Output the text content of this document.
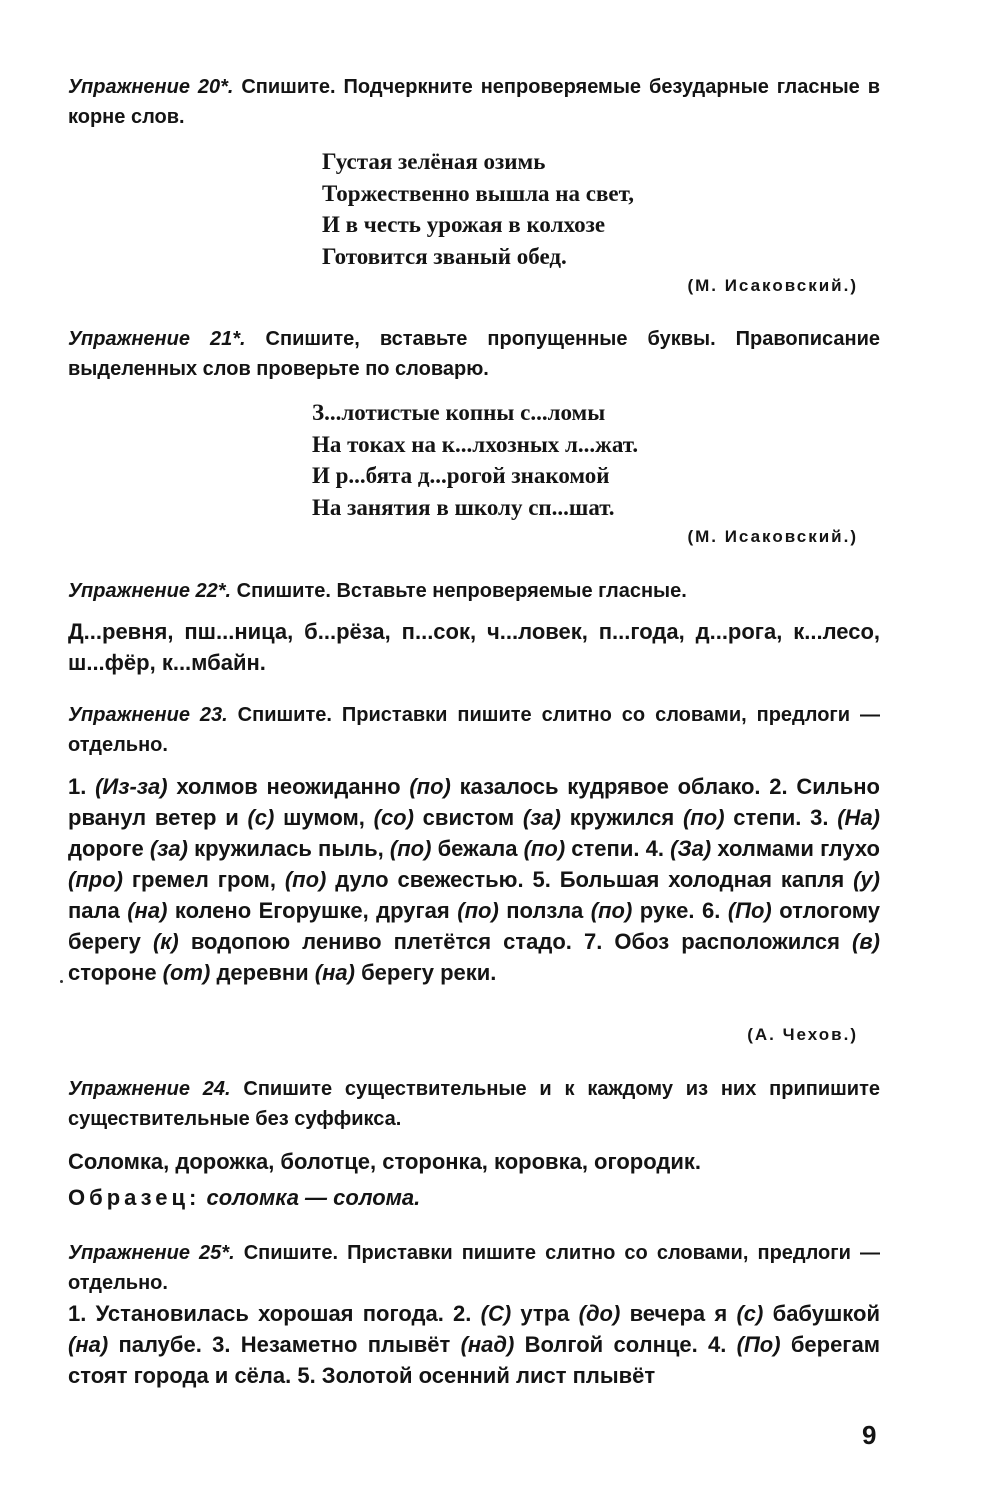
Упражнение 20*. Спишите. Подчеркните непроверяемые безударные гласные в корне слов.

Густая зелёная озимь
Торжественно вышла на свет,
И в честь урожая в колхозе
Готовится званый обед.
(М. Исаковский.)

Упражнение 21*. Спишите, вставьте пропущенные буквы. Правописание выделенных слов проверьте по словарю.

З...лотистые копны с...ломы
На токах на к...лхозных л...жат.
И р...бята д...рогой знакомой
На занятия в школу сп...шат.
(М. Исаковский.)

Упражнение 22*. Спишите. Вставьте непроверяемые гласные.

Д...ревня, пш...ница, б...рёза, п...сок, ч...ловек, п...года, д...рога, к...лесо, ш...фёр, к...мбайн.

Упражнение 23. Спишите. Приставки пишите слитно со словами, предлоги — отдельно.

1. (Из-за) холмов неожиданно (по) казалось кудрявое облако. 2. Сильно рванул ветер и (с) шумом, (со) свистом (за) кружился (по) степи. 3. (На) дороге (за) кружилась пыль, (по) бежала (по) степи. 4. (За) холмами глухо (про) гремел гром, (по) дуло свежестью. 5. Большая холодная капля (у) пала (на) колено Егорушке, другая (по) ползла (по) руке. 6. (По) отлогому берегу (к) водопою лениво плетётся стадо. 7. Обоз расположился (в) стороне (от) деревни (на) берегу реки.

(А. Чехов.)

Упражнение 24. Спишите существительные и к каждому из них припишите существительные без суффикса.

Соломка, дорожка, болотце, сторонка, коровка, огородик.

Образец: соломка — солома.

Упражнение 25*. Спишите. Приставки пишите слитно со словами, предлоги — отдельно.

1. Установилась хорошая погода. 2. (С) утра (до) вечера я (с) бабушкой (на) палубе. 3. Незаметно плывёт (над) Волгой солнце. 4. (По) берегам стоят города и сёла. 5. Золотой осенний лист плывёт

9
